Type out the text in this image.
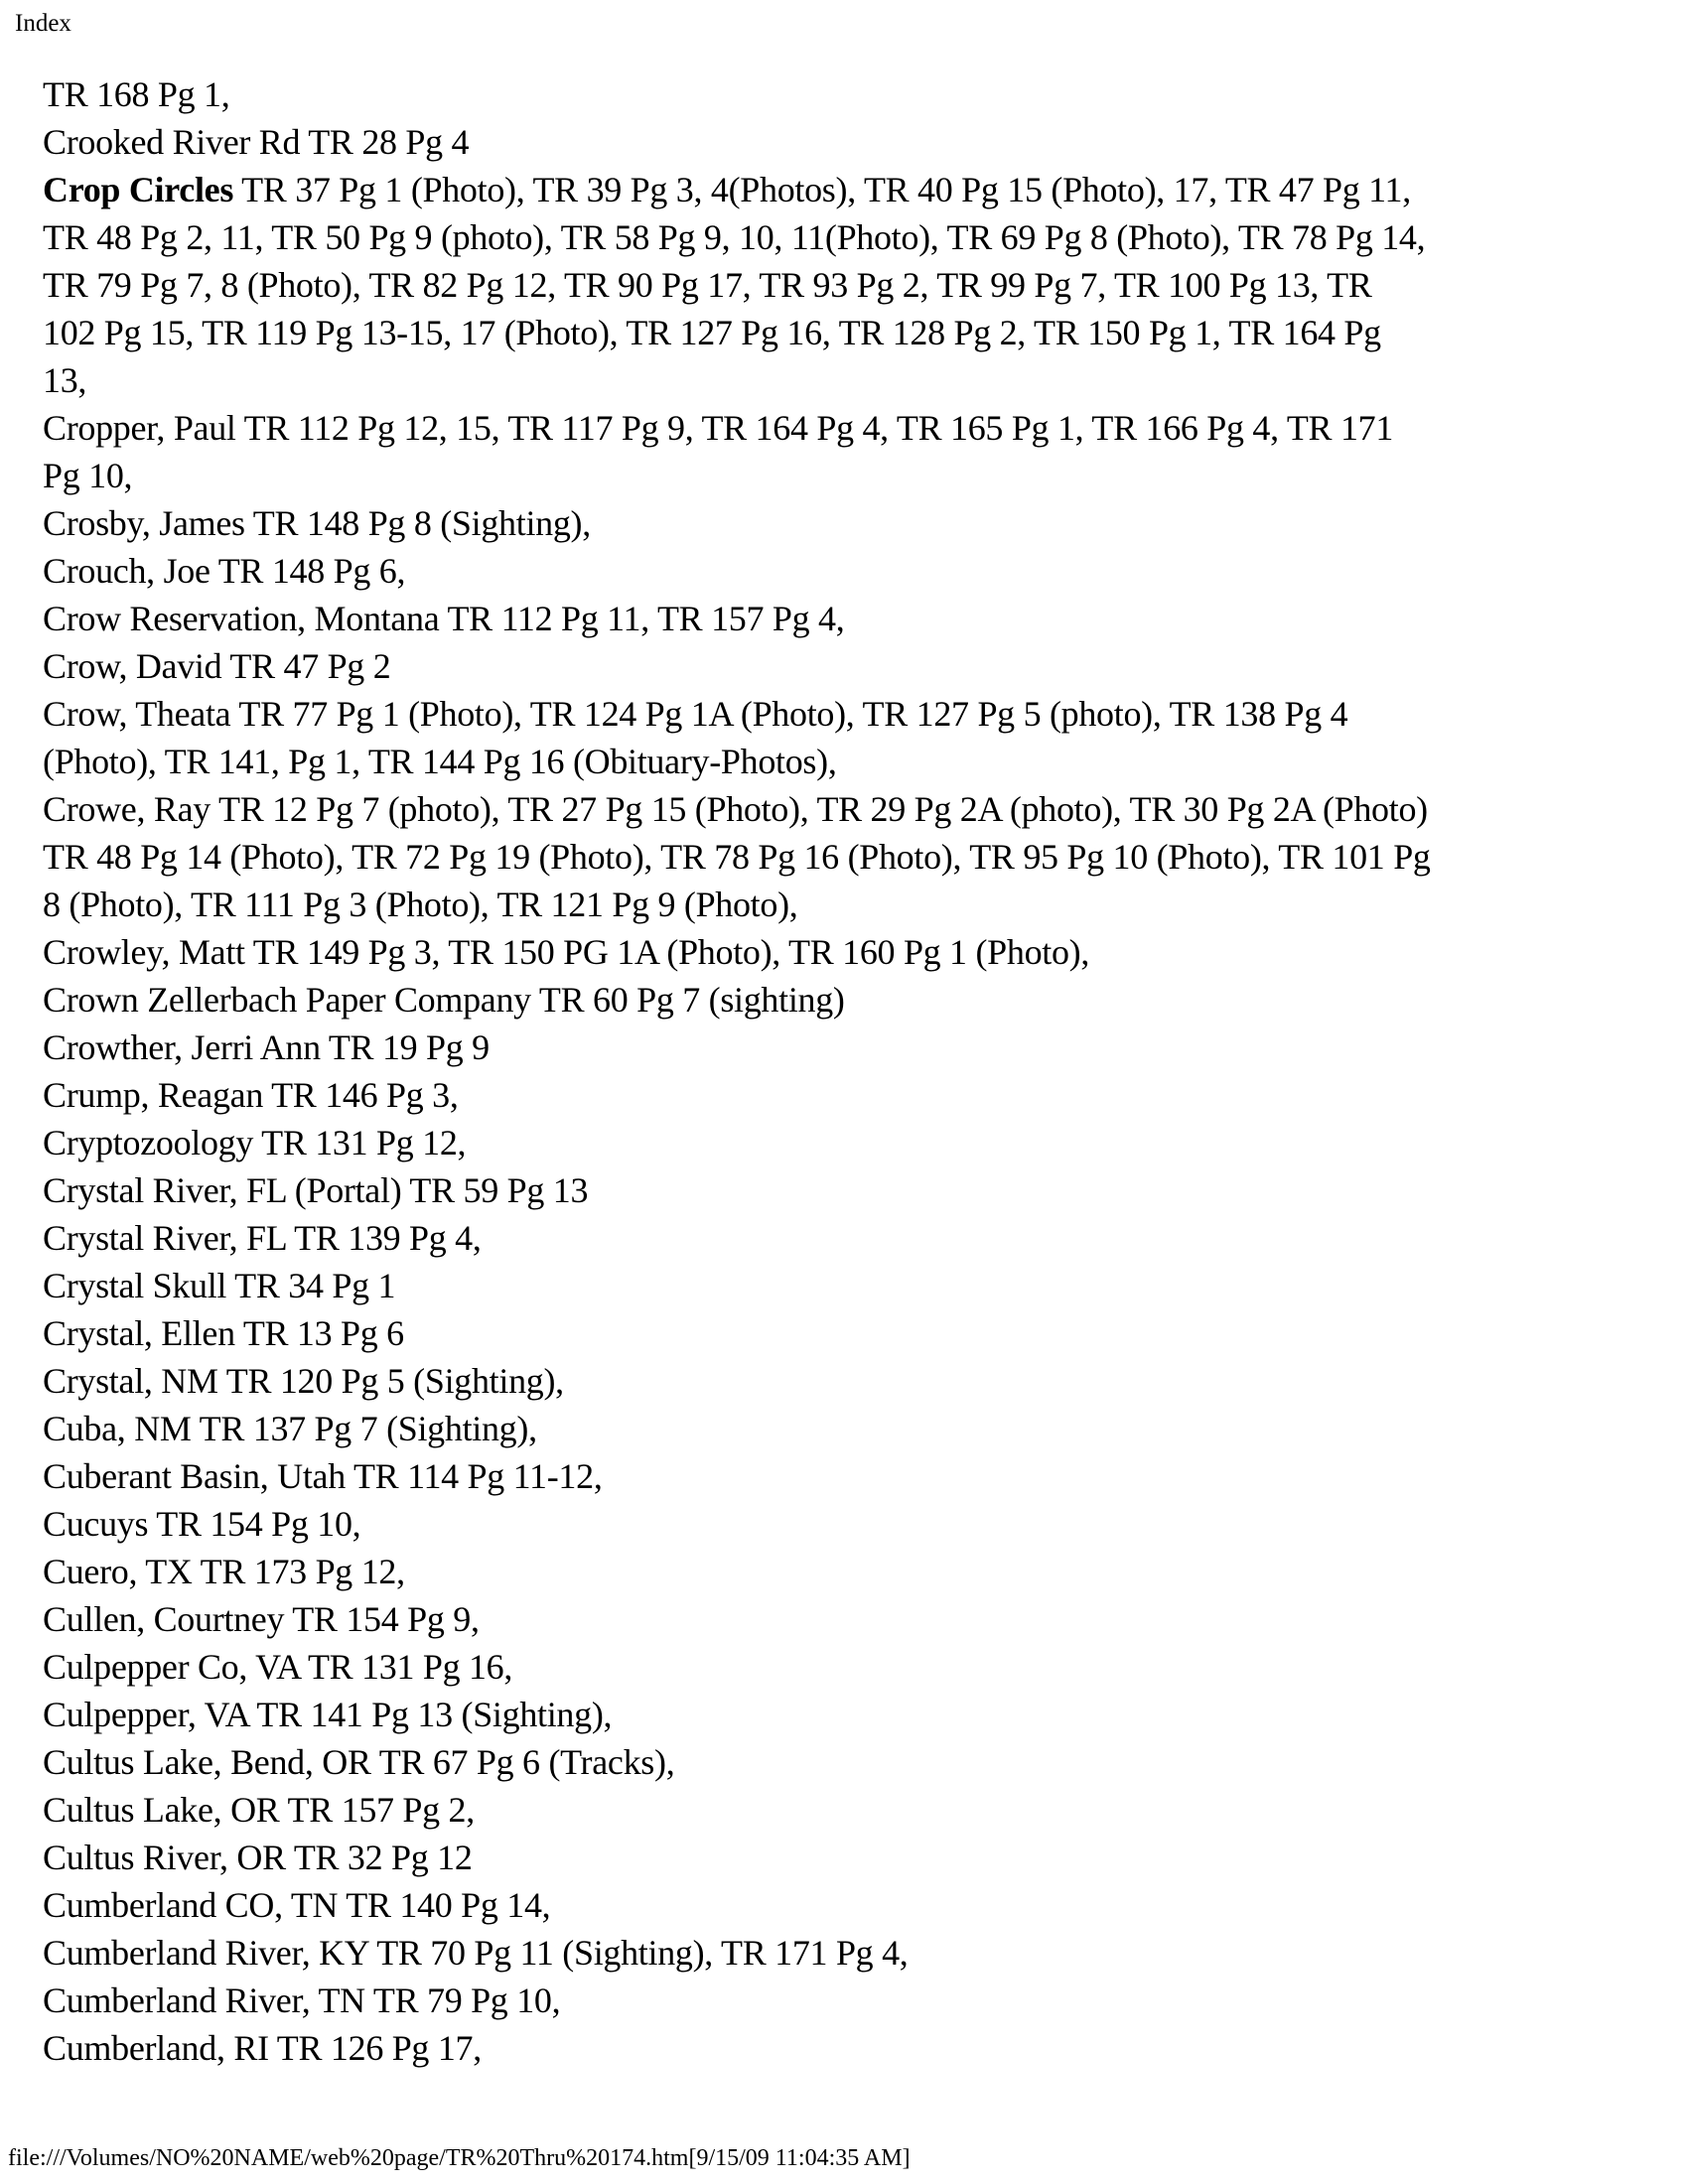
Index
TR 168 Pg 1,
Crooked River Rd TR 28 Pg 4
Crop Circles TR 37 Pg 1 (Photo), TR 39 Pg 3, 4(Photos), TR 40 Pg 15 (Photo), 17, TR 47 Pg 11,
TR 48 Pg 2, 11, TR 50 Pg 9 (photo), TR 58 Pg 9, 10, 11(Photo), TR 69 Pg 8 (Photo), TR 78 Pg 14,
TR 79 Pg 7, 8 (Photo), TR 82 Pg 12, TR 90 Pg 17, TR 93 Pg 2, TR 99 Pg 7, TR 100 Pg 13, TR
102 Pg 15, TR 119 Pg 13-15, 17 (Photo), TR 127 Pg 16, TR 128 Pg 2, TR 150 Pg 1, TR 164 Pg
13,
Cropper, Paul TR 112 Pg 12, 15, TR 117 Pg 9, TR 164 Pg 4, TR 165 Pg 1, TR 166 Pg 4, TR 171
Pg 10,
Crosby, James TR 148 Pg 8 (Sighting),
Crouch, Joe TR 148 Pg 6,
Crow Reservation, Montana TR 112 Pg 11, TR 157 Pg 4,
Crow, David TR 47 Pg 2
Crow, Theata TR 77 Pg 1 (Photo), TR 124 Pg 1A (Photo), TR 127 Pg 5 (photo), TR 138 Pg 4
(Photo), TR 141, Pg 1, TR 144 Pg 16 (Obituary-Photos),
Crowe, Ray TR 12 Pg 7 (photo), TR 27 Pg 15 (Photo), TR 29 Pg 2A (photo), TR 30 Pg 2A (Photo)
TR 48 Pg 14 (Photo), TR 72 Pg 19 (Photo), TR 78 Pg 16 (Photo), TR 95 Pg 10 (Photo), TR 101 Pg
8 (Photo), TR 111 Pg 3 (Photo), TR 121 Pg 9 (Photo),
Crowley, Matt TR 149 Pg 3, TR 150 PG 1A (Photo), TR 160 Pg 1 (Photo),
Crown Zellerbach Paper Company TR 60 Pg 7 (sighting)
Crowther, Jerri Ann TR 19 Pg 9
Crump, Reagan TR 146 Pg 3,
Cryptozoology TR 131 Pg 12,
Crystal River, FL (Portal) TR 59 Pg 13
Crystal River, FL TR 139 Pg 4,
Crystal Skull TR 34 Pg 1
Crystal, Ellen TR 13 Pg 6
Crystal, NM TR 120 Pg 5 (Sighting),
Cuba, NM TR 137 Pg 7 (Sighting),
Cuberant Basin, Utah TR 114 Pg 11-12,
Cucuys TR 154 Pg 10,
Cuero, TX TR 173 Pg 12,
Cullen, Courtney TR 154 Pg 9,
Culpepper Co, VA TR 131 Pg 16,
Culpepper, VA TR 141 Pg 13 (Sighting),
Cultus Lake, Bend, OR TR 67 Pg 6 (Tracks),
Cultus Lake, OR TR 157 Pg 2,
Cultus River, OR TR 32 Pg 12
Cumberland CO, TN TR 140 Pg 14,
Cumberland River, KY TR 70 Pg 11 (Sighting), TR 171 Pg 4,
Cumberland River, TN TR 79 Pg 10,
Cumberland, RI TR 126 Pg 17,
file:///Volumes/NO%20NAME/web%20page/TR%20Thru%20174.htm[9/15/09 11:04:35 AM]
